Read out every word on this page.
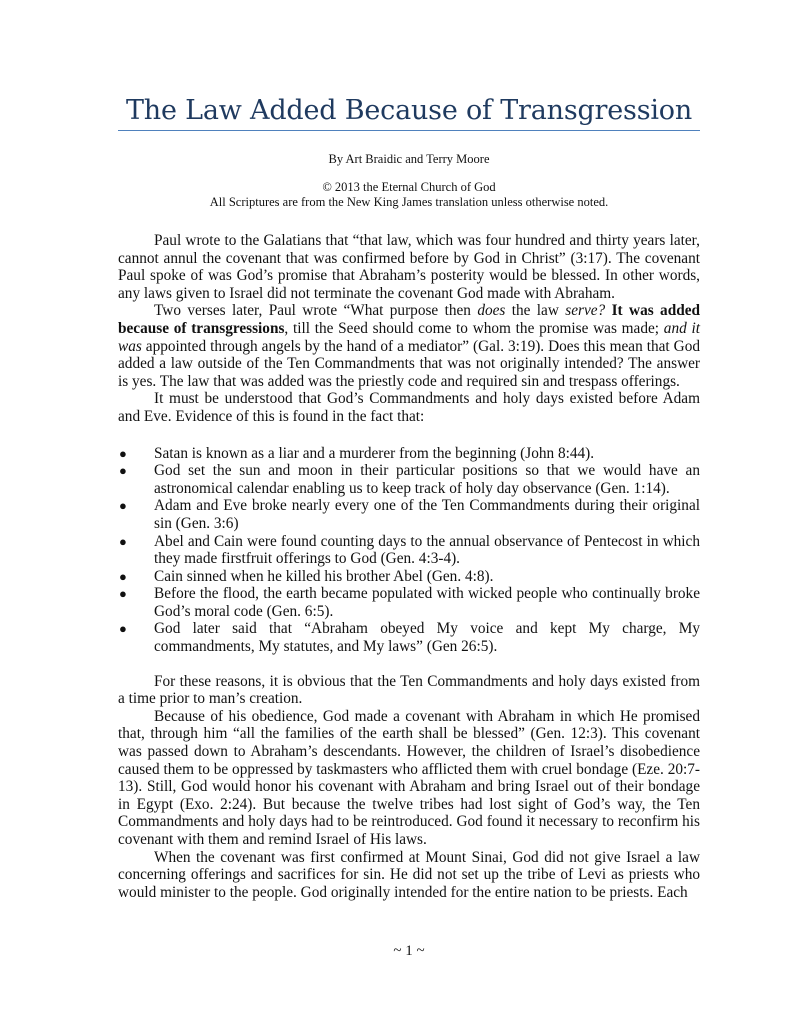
The Law Added Because of Transgression
By Art Braidic and Terry Moore
© 2013 the Eternal Church of God
All Scriptures are from the New King James translation unless otherwise noted.

Paul wrote to the Galatians that “that law, which was four hundred and thirty years later, cannot annul the covenant that was confirmed before by God in Christ” (3:17). The covenant Paul spoke of was God’s promise that Abraham’s posterity would be blessed. In other words, any laws given to Israel did not terminate the covenant God made with Abraham.

Two verses later, Paul wrote “What purpose then does the law serve? It was added because of transgressions, till the Seed should come to whom the promise was made; and it was appointed through angels by the hand of a mediator” (Gal. 3:19). Does this mean that God added a law outside of the Ten Commandments that was not originally intended? The answer is yes. The law that was added was the priestly code and required sin and trespass offerings.

It must be understood that God’s Commandments and holy days existed before Adam and Eve. Evidence of this is found in the fact that:

● Satan is known as a liar and a murderer from the beginning (John 8:44).
● God set the sun and moon in their particular positions so that we would have an astronomical calendar enabling us to keep track of holy day observance (Gen. 1:14).
● Adam and Eve broke nearly every one of the Ten Commandments during their original sin (Gen. 3:6)
● Abel and Cain were found counting days to the annual observance of Pentecost in which they made firstfruit offerings to God (Gen. 4:3-4).
● Cain sinned when he killed his brother Abel (Gen. 4:8).
● Before the flood, the earth became populated with wicked people who continually broke God’s moral code (Gen. 6:5).
● God later said that “Abraham obeyed My voice and kept My charge, My commandments, My statutes, and My laws” (Gen 26:5).

For these reasons, it is obvious that the Ten Commandments and holy days existed from a time prior to man’s creation.

Because of his obedience, God made a covenant with Abraham in which He promised that, through him “all the families of the earth shall be blessed” (Gen. 12:3). This covenant was passed down to Abraham’s descendants. However, the children of Israel’s disobedience caused them to be oppressed by taskmasters who afflicted them with cruel bondage (Eze. 20:7-13). Still, God would honor his covenant with Abraham and bring Israel out of their bondage in Egypt (Exo. 2:24). But because the twelve tribes had lost sight of God’s way, the Ten Commandments and holy days had to be reintroduced. God found it necessary to reconfirm his covenant with them and remind Israel of His laws.

When the covenant was first confirmed at Mount Sinai, God did not give Israel a law concerning offerings and sacrifices for sin. He did not set up the tribe of Levi as priests who would minister to the people. God originally intended for the entire nation to be priests. Each

~ 1 ~
